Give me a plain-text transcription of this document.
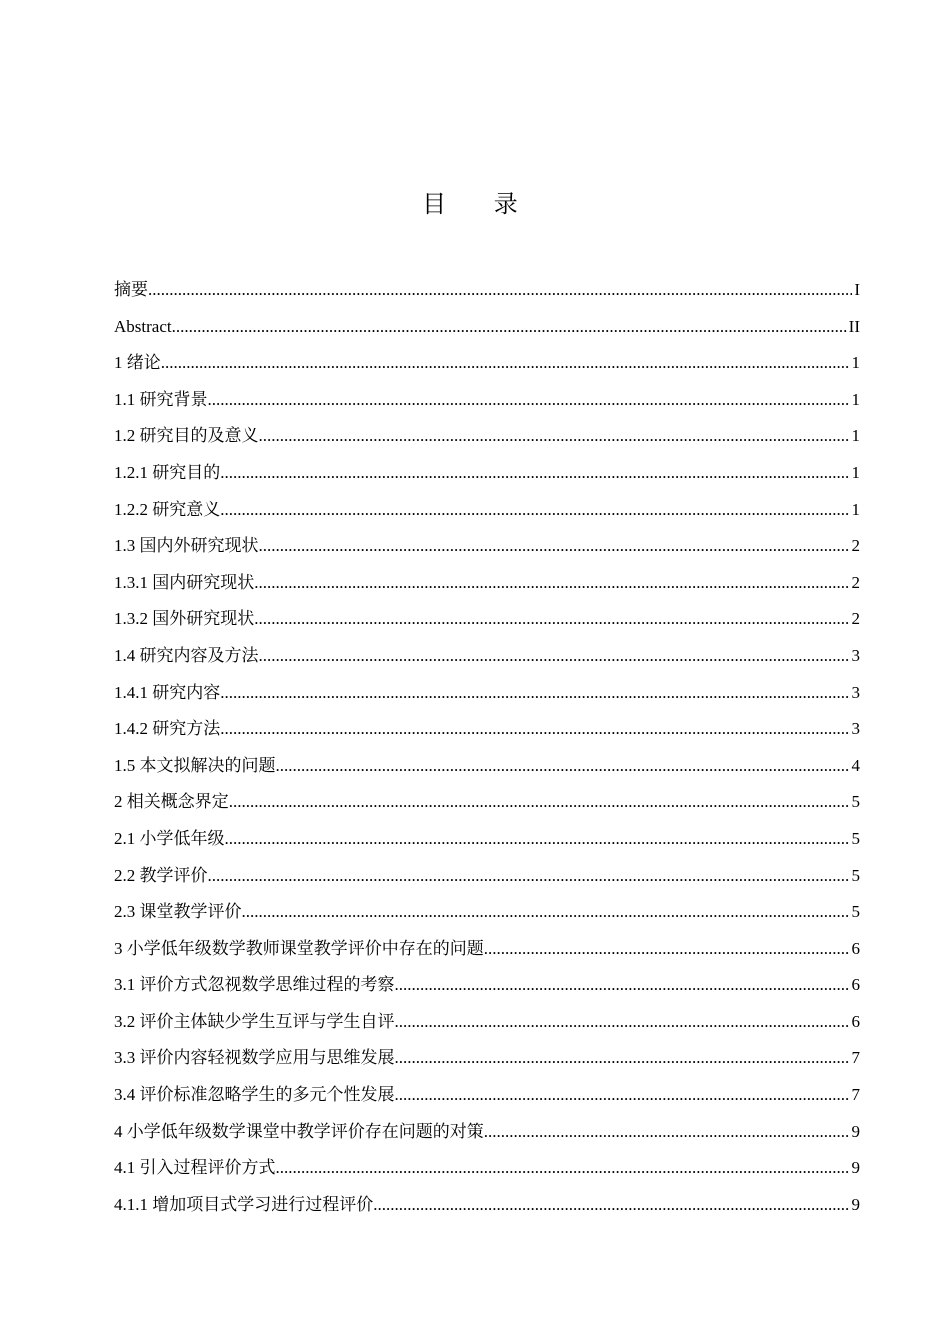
目 录
摘要 .....	I
Abstract .....	II
1 绪论 .....	1
1.1 研究背景 .....	1
1.2 研究目的及意义 .....	1
1.2.1 研究目的 .....	1
1.2.2 研究意义 .....	1
1.3 国内外研究现状 .....	2
1.3.1 国内研究现状 .....	2
1.3.2 国外研究现状 .....	2
1.4 研究内容及方法 .....	3
1.4.1 研究内容 .....	3
1.4.2 研究方法 .....	3
1.5 本文拟解决的问题 .....	4
2 相关概念界定 .....	5
2.1 小学低年级 .....	5
2.2 教学评价 .....	5
2.3 课堂教学评价 .....	5
3 小学低年级数学教师课堂教学评价中存在的问题 .....	6
3.1 评价方式忽视数学思维过程的考察 .....	6
3.2 评价主体缺少学生互评与学生自评 .....	6
3.3 评价内容轻视数学应用与思维发展 .....	7
3.4 评价标准忽略学生的多元个性发展 .....	7
4 小学低年级数学课堂中教学评价存在问题的对策 .....	9
4.1 引入过程评价方式 .....	9
4.1.1 增加项目式学习进行过程评价 .....	9
